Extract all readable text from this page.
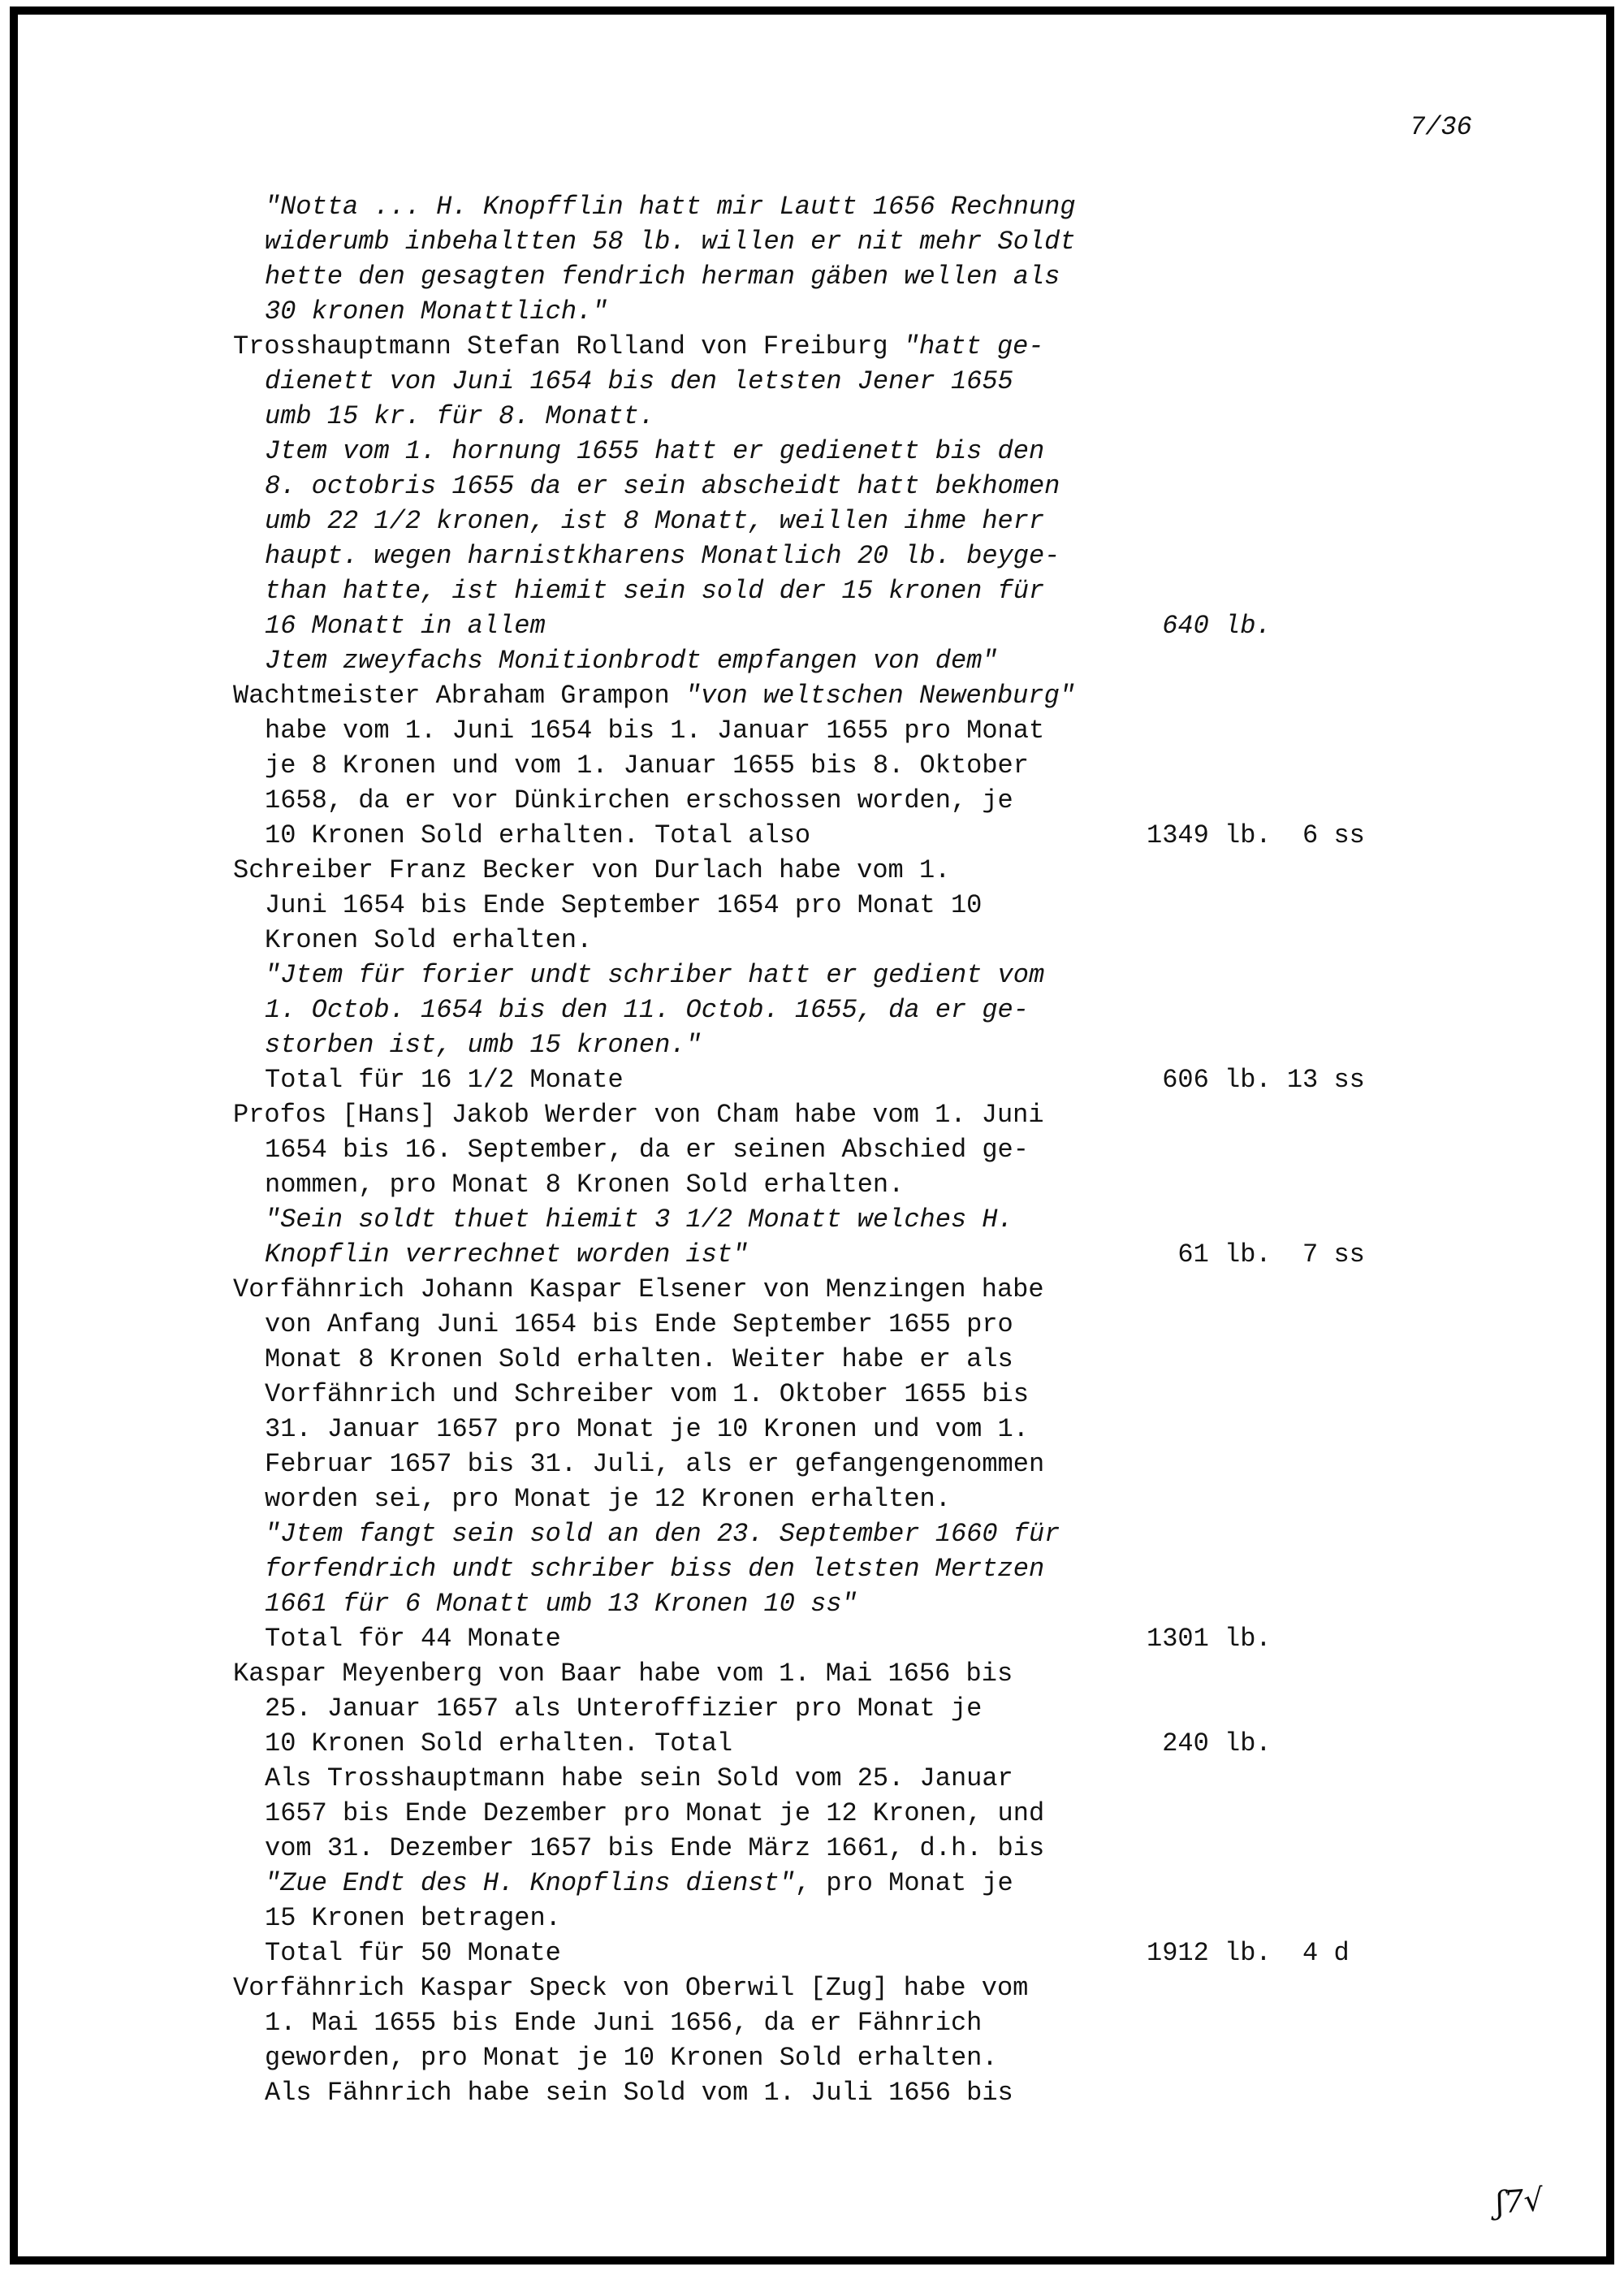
7/36
"Notta ... H. Knopfflin hatt mir Lautt 1656 Rechnung
widerumb inbehaltten 58 lb. willen er nit mehr Soldt
hette den gesagten fendrich herman gäben wellen als
30 kronen Monattlich."
Trosshauptmann Stefan Rolland von Freiburg "hatt ge-
dienett von Juni 1654 bis den letsten Jener 1655
umb 15 kr. für 8. Monatt.
Jtem vom 1. hornung 1655 hatt er gedienett bis den
8. octobris 1655 da er sein abscheidt hatt bekhomen
umb 22 1/2 kronen, ist 8 Monatt, weillen ihme herr
haupt. wegen harnistkharens Monatlich 20 lb. beyge-
than hatte, ist hiemit sein sold der 15 kronen für
16 Monatt in allem	640 lb.
Jtem zweyfachs Monitionbrodt empfangen von dem"
Wachtmeister Abraham Grampon "von weltschen Newenburg"
habe vom 1. Juni 1654 bis 1. Januar 1655 pro Monat
je 8 Kronen und vom 1. Januar 1655 bis 8. Oktober
1658, da er vor Dünkirchen erschossen worden, je
10 Kronen Sold erhalten. Total also	1349 lb.  6 ss
Schreiber Franz Becker von Durlach habe vom 1.
Juni 1654 bis Ende September 1654 pro Monat 10
Kronen Sold erhalten.
"Jtem für forier undt schriber hatt er gedient vom
1. Octob. 1654 bis den 11. Octob. 1655, da er ge-
storben ist, umb 15 kronen."
Total für 16 1/2 Monate	606 lb. 13 ss
Profos [Hans] Jakob Werder von Cham habe vom 1. Juni
1654 bis 16. September, da er seinen Abschied ge-
nommen, pro Monat 8 Kronen Sold erhalten.
"Sein soldt thuet hiemit 3 1/2 Monatt welches H.
Knopflin verrechnet worden ist"	61 lb.  7 ss
Vorfähnrich Johann Kaspar Elsener von Menzingen habe
von Anfang Juni 1654 bis Ende September 1655 pro
Monat 8 Kronen Sold erhalten. Weiter habe er als
Vorfähnrich und Schreiber vom 1. Oktober 1655 bis
31. Januar 1657 pro Monat je 10 Kronen und vom 1.
Februar 1657 bis 31. Juli, als er gefangengenommen
worden sei, pro Monat je 12 Kronen erhalten.
"Jtem fangt sein sold an den 23. September 1660 für
forfendrich undt schriber biss den letsten Mertzen
1661 für 6 Monatt umb 13 Kronen 10 ss"
Total för 44 Monate	1301 lb.
Kaspar Meyenberg von Baar habe vom 1. Mai 1656 bis
25. Januar 1657 als Unteroffizier pro Monat je
10 Kronen Sold erhalten. Total	240 lb.
Als Trosshauptmann habe sein Sold vom 25. Januar
1657 bis Ende Dezember pro Monat je 12 Kronen, und
vom 31. Dezember 1657 bis Ende März 1661, d.h. bis
"Zue Endt des H. Knopflins dienst", pro Monat je
15 Kronen betragen.
Total für 50 Monate	1912 lb.  4 d
Vorfähnrich Kaspar Speck von Oberwil [Zug] habe vom
1. Mai 1655 bis Ende Juni 1656, da er Fähnrich
geworden, pro Monat je 10 Kronen Sold erhalten.
Als Fähnrich habe sein Sold vom 1. Juli 1656 bis
ʃ7√
